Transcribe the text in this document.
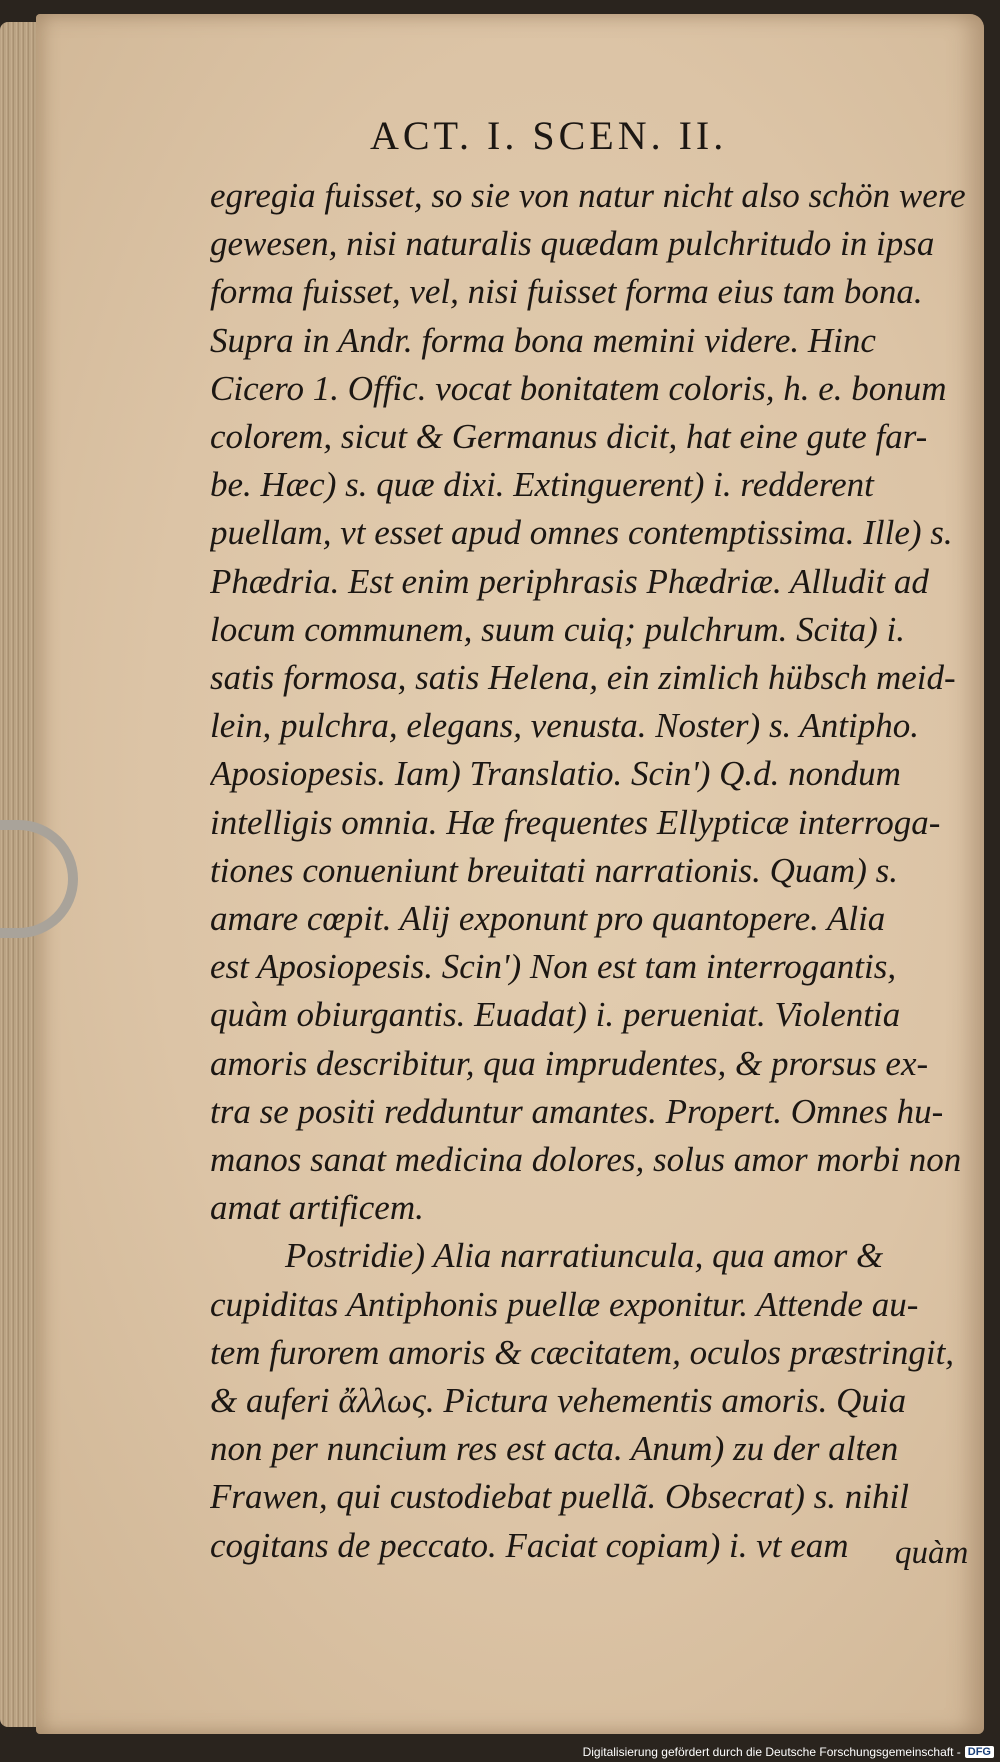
ACT. I. SCEN. II.
egregia fuisset, so sie von natur nicht also schön were
gewesen, nisi naturalis quædam pulchritudo in ipsa
forma fuisset, vel, nisi fuisset forma eius tam bona.
Supra in Andr. forma bona memini videre. Hinc
Cicero 1. Offic. vocat bonitatem coloris, h. e. bonum
colorem, sicut & Germanus dicit, hat eine gute far-
be. Hæc) s. quæ dixi. Extinguerent) i. redderent
puellam, vt esset apud omnes contemptissima. Ille) s.
Phædria. Est enim periphrasis Phædriæ. Alludit ad
locum communem, suum cuiq; pulchrum. Scita) i.
satis formosa, satis Helena, ein zimlich hübsch meid-
lein, pulchra, elegans, venusta. Noster) s. Antipho.
Aposiopesis. Iam) Translatio. Scin') Q.d. nondum
intelligis omnia. Hæ frequentes Ellypticæ interroga-
tiones conueniunt breuitati narrationis. Quam) s.
amare cœpit. Alij exponunt pro quantopere. Alia
est Aposiopesis. Scin') Non est tam interrogantis,
quàm obiurgantis. Euadat) i. perueniat. Violentia
amoris describitur, qua imprudentes, & prorsus ex-
tra se positi redduntur amantes. Propert. Omnes hu-
manos sanat medicina dolores, solus amor morbi non
amat artificem.
Postridie) Alia narratiuncula, qua amor &
cupiditas Antiphonis puellæ exponitur. Attende au-
tem furorem amoris & cæcitatem, oculos præstringit,
& auferi ἄλλως. Pictura vehementis amoris. Quia
non per nuncium res est acta. Anum) zu der alten
Frawen, qui custodiebat puellã. Obsecrat) s. nihil
cogitans de peccato. Faciat copiam) i. vt eam	quàm
Digitalisierung gefördert durch die Deutsche Forschungsgemeinschaft - DFG
